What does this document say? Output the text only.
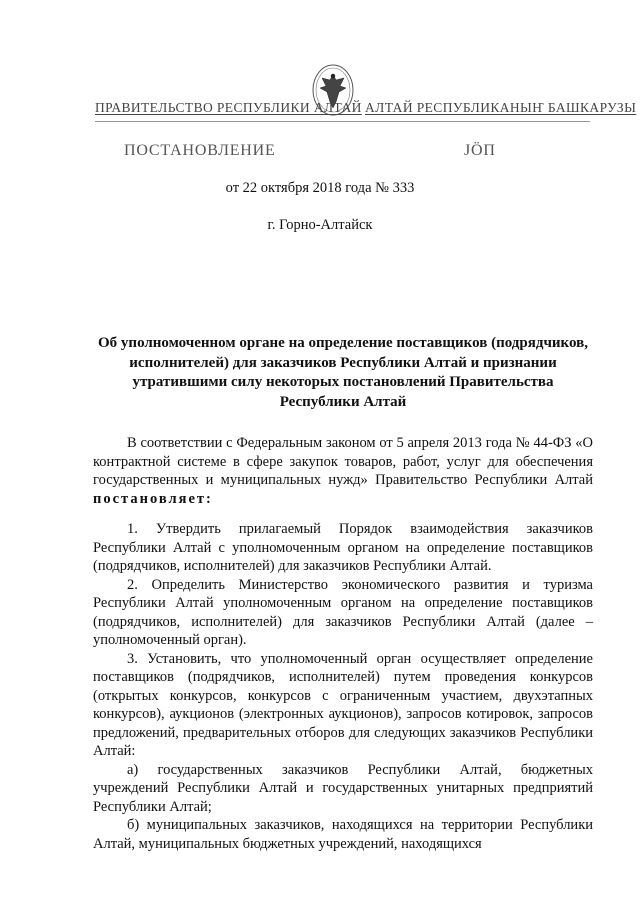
ПРАВИТЕЛЬСТВО РЕСПУБЛИКИ АЛТАЙ АЛТАЙ РЕСПУБЛИКАНЫҤ БАШКАРУЗЫ
ПОСТАНОВЛЕНИЕ	JÖП
от 22 октября 2018 года № 333
г. Горно-Алтайск
Об уполномоченном органе на определение поставщиков (подрядчиков, исполнителей) для заказчиков Республики Алтай и признании утратившими силу некоторых постановлений Правительства Республики Алтай

В соответствии с Федеральным законом от 5 апреля 2013 года № 44-ФЗ «О контрактной системе в сфере закупок товаров, работ, услуг для обеспечения государственных и муниципальных нужд» Правительство Республики Алтай постановляет:

1. Утвердить прилагаемый Порядок взаимодействия заказчиков Республики Алтай с уполномоченным органом на определение поставщиков (подрядчиков, исполнителей) для заказчиков Республики Алтай.

2. Определить Министерство экономического развития и туризма Республики Алтай уполномоченным органом на определение поставщиков (подрядчиков, исполнителей) для заказчиков Республики Алтай (далее – уполномоченный орган).

3. Установить, что уполномоченный орган осуществляет определение поставщиков (подрядчиков, исполнителей) путем проведения конкурсов (открытых конкурсов, конкурсов с ограниченным участием, двухэтапных конкурсов), аукционов (электронных аукционов), запросов котировок, запросов предложений, предварительных отборов для следующих заказчиков Республики Алтай:

а) государственных заказчиков Республики Алтай, бюджетных учреждений Республики Алтай и государственных унитарных предприятий Республики Алтай;

б) муниципальных заказчиков, находящихся на территории Республики Алтай, муниципальных бюджетных учреждений, находящихся
